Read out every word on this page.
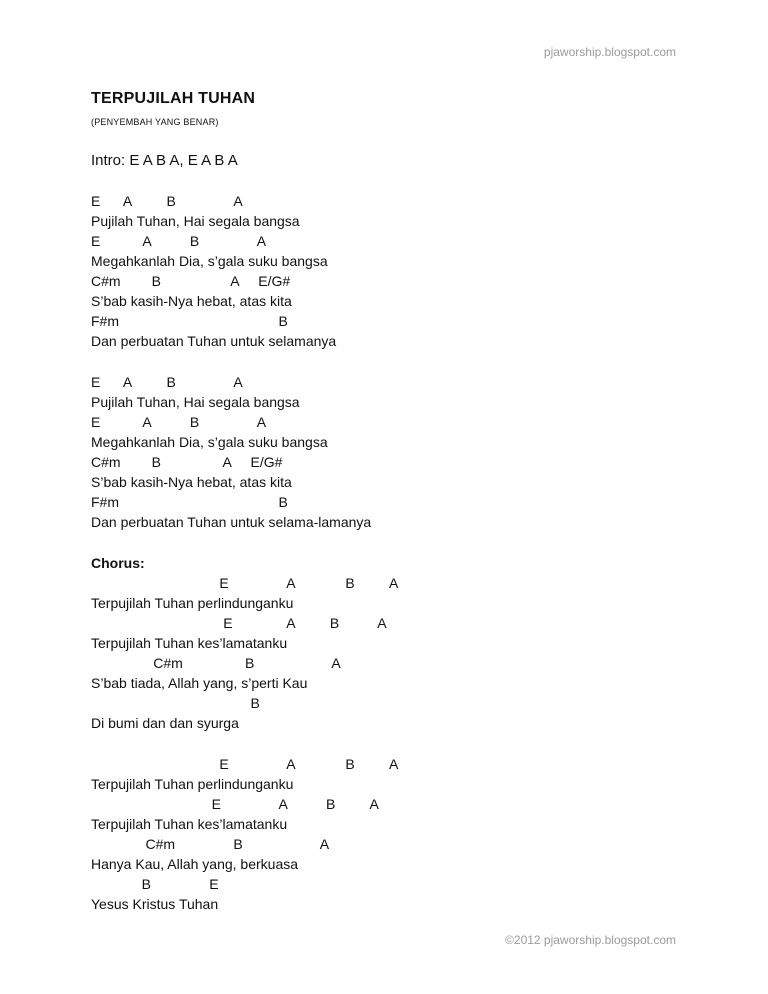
pjaworship.blogspot.com
TERPUJILAH TUHAN
(PENYEMBAH YANG BENAR)
Intro: E A B A, E A B A
E      A         B               A
Pujilah Tuhan, Hai segala bangsa
E           A          B               A
Megahkanlah Dia, s’gala suku bangsa
C#m        B                  A     E/G#
S’bab kasih-Nya hebat, atas kita
F#m                                         B
Dan perbuatan Tuhan untuk selamanya
E      A         B               A
Pujilah Tuhan, Hai segala bangsa
E           A          B               A
Megahkanlah Dia, s’gala suku bangsa
C#m        B                A     E/G#
S’bab kasih-Nya hebat, atas kita
F#m                                         B
Dan perbuatan Tuhan untuk selama-lamanya
Chorus:
E               A             B         A
Terpujilah Tuhan perlindunganku
E              A         B          A
Terpujilah Tuhan kes’lamatanku
C#m                B                    A
S’bab tiada, Allah yang, s’perti Kau
B
Di bumi dan dan syurga
E               A             B         A
Terpujilah Tuhan perlindunganku
E               A          B         A
Terpujilah Tuhan kes’lamatanku
C#m               B                    A
Hanya Kau, Allah yang, berkuasa
B               E
Yesus Kristus Tuhan
©2012 pjaworship.blogspot.com
